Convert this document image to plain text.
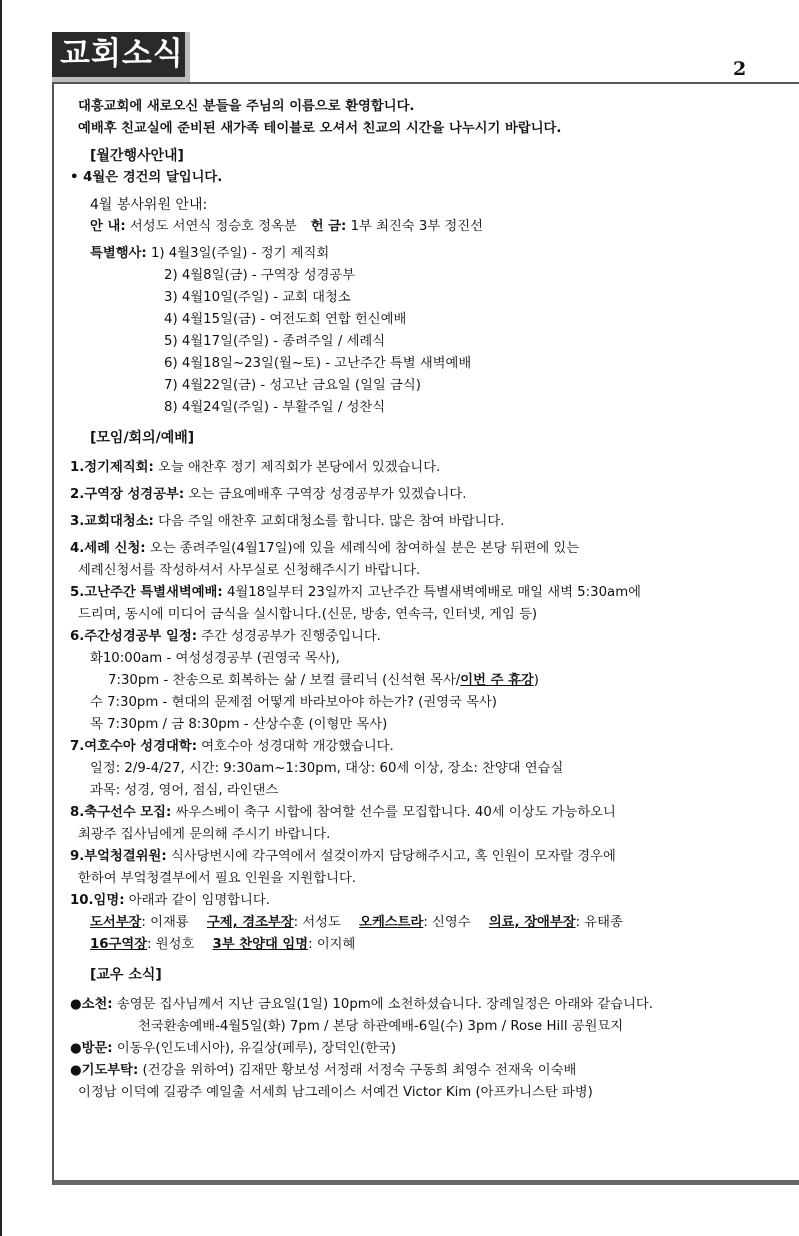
교회소식	2
대흥교회에 새로오신 분들을 주님의 이름으로 환영합니다.
예배후 친교실에 준비된 새가족 테이블로 오셔서 친교의 시간을 나누시기 바랍니다.
[월간행사안내]
• 4월은 경건의 달입니다.
4월 봉사위원 안내:
안 내: 서성도 서연식 정승호 정옥분 헌 금: 1부 최진숙 3부 정진선
특별행사: 1) 4월3일(주일) - 정기 제직회
2) 4월8일(금) - 구역장 성경공부
3) 4월10일(주일) - 교회 대청소
4) 4월15일(금) - 여전도회 연합 헌신예배
5) 4월17일(주일) - 종려주일 / 세례식
6) 4월18일~23일(월~토) - 고난주간 특별 새벽예배
7) 4월22일(금) - 성고난 금요일 (일일 금식)
8) 4월24일(주일) - 부활주일 / 성찬식
[모임/회의/예배]
1.정기제직회: 오늘 애찬후 정기 제직회가 본당에서 있겠습니다.
2.구역장 성경공부: 오는 금요예배후 구역장 성경공부가 있겠습니다.
3.교회대청소: 다음 주일 애찬후 교회대청소를 합니다. 많은 참여 바랍니다.
4.세례 신청: 오는 종려주일(4월17일)에 있을 세례식에 참여하실 분은 본당 뒤편에 있는
세례신청서를 작성하셔서 사무실로 신청해주시기 바랍니다.
5.고난주간 특별새벽예배: 4월18일부터 23일까지 고난주간 특별새벽예배로 매일 새벽 5:30am에
드리며, 동시에 미디어 금식을 실시합니다.(신문, 방송, 연속극, 인터넷, 게임 등)
6.주간성경공부 일정: 주간 성경공부가 진행중입니다.
화10:00am - 여성성경공부 (권영국 목사),
7:30pm - 찬송으로 회복하는 삶 / 보컬 클리닉 (신석현 목사/이번 주 휴강)
수 7:30pm - 현대의 문제점 어떻게 바라보아야 하는가? (권영국 목사)
목 7:30pm / 금 8:30pm - 산상수훈 (이형만 목사)
7.여호수아 성경대학: 여호수아 성경대학 개강했습니다.
일정: 2/9-4/27, 시간: 9:30am~1:30pm, 대상: 60세 이상, 장소: 찬양대 연습실
과목: 성경, 영어, 점심, 라인댄스
8.축구선수 모집: 싸우스베이 축구 시합에 참여할 선수를 모집합니다. 40세 이상도 가능하오니
최광주 집사님에게 문의해 주시기 바랍니다.
9.부엌청결위원: 식사당번시에 각구역에서 설겆이까지 담당해주시고, 혹 인원이 모자랄 경우에
한하여 부엌청결부에서 필요 인원을 지원합니다.
10.임명: 아래과 같이 임명합니다.
도서부장: 이재룡 구제, 경조부장: 서성도 오케스트라: 신영수 의료, 장애부장: 유태종
16구역장: 원성호 3부 찬양대 임명: 이지혜
[교우 소식]
●소천: 송영문 집사님께서 지난 금요일(1일) 10pm에 소천하셨습니다. 장례일정은 아래와 같습니다.
천국환송예배-4월5일(화) 7pm / 본당 하관예배-6일(수) 3pm / Rose Hill 공원묘지
●방문: 이동우(인도네시아), 유길상(페루), 장덕인(한국)
●기도부탁: (건강을 위하여) 김재만 황보성 서정래 서정숙 구동희 최영수 전재욱 이숙배
이정남 이덕예 길광주 예일출 서세희 남그레이스 서예건 Victor Kim (아프카니스탄 파병)
